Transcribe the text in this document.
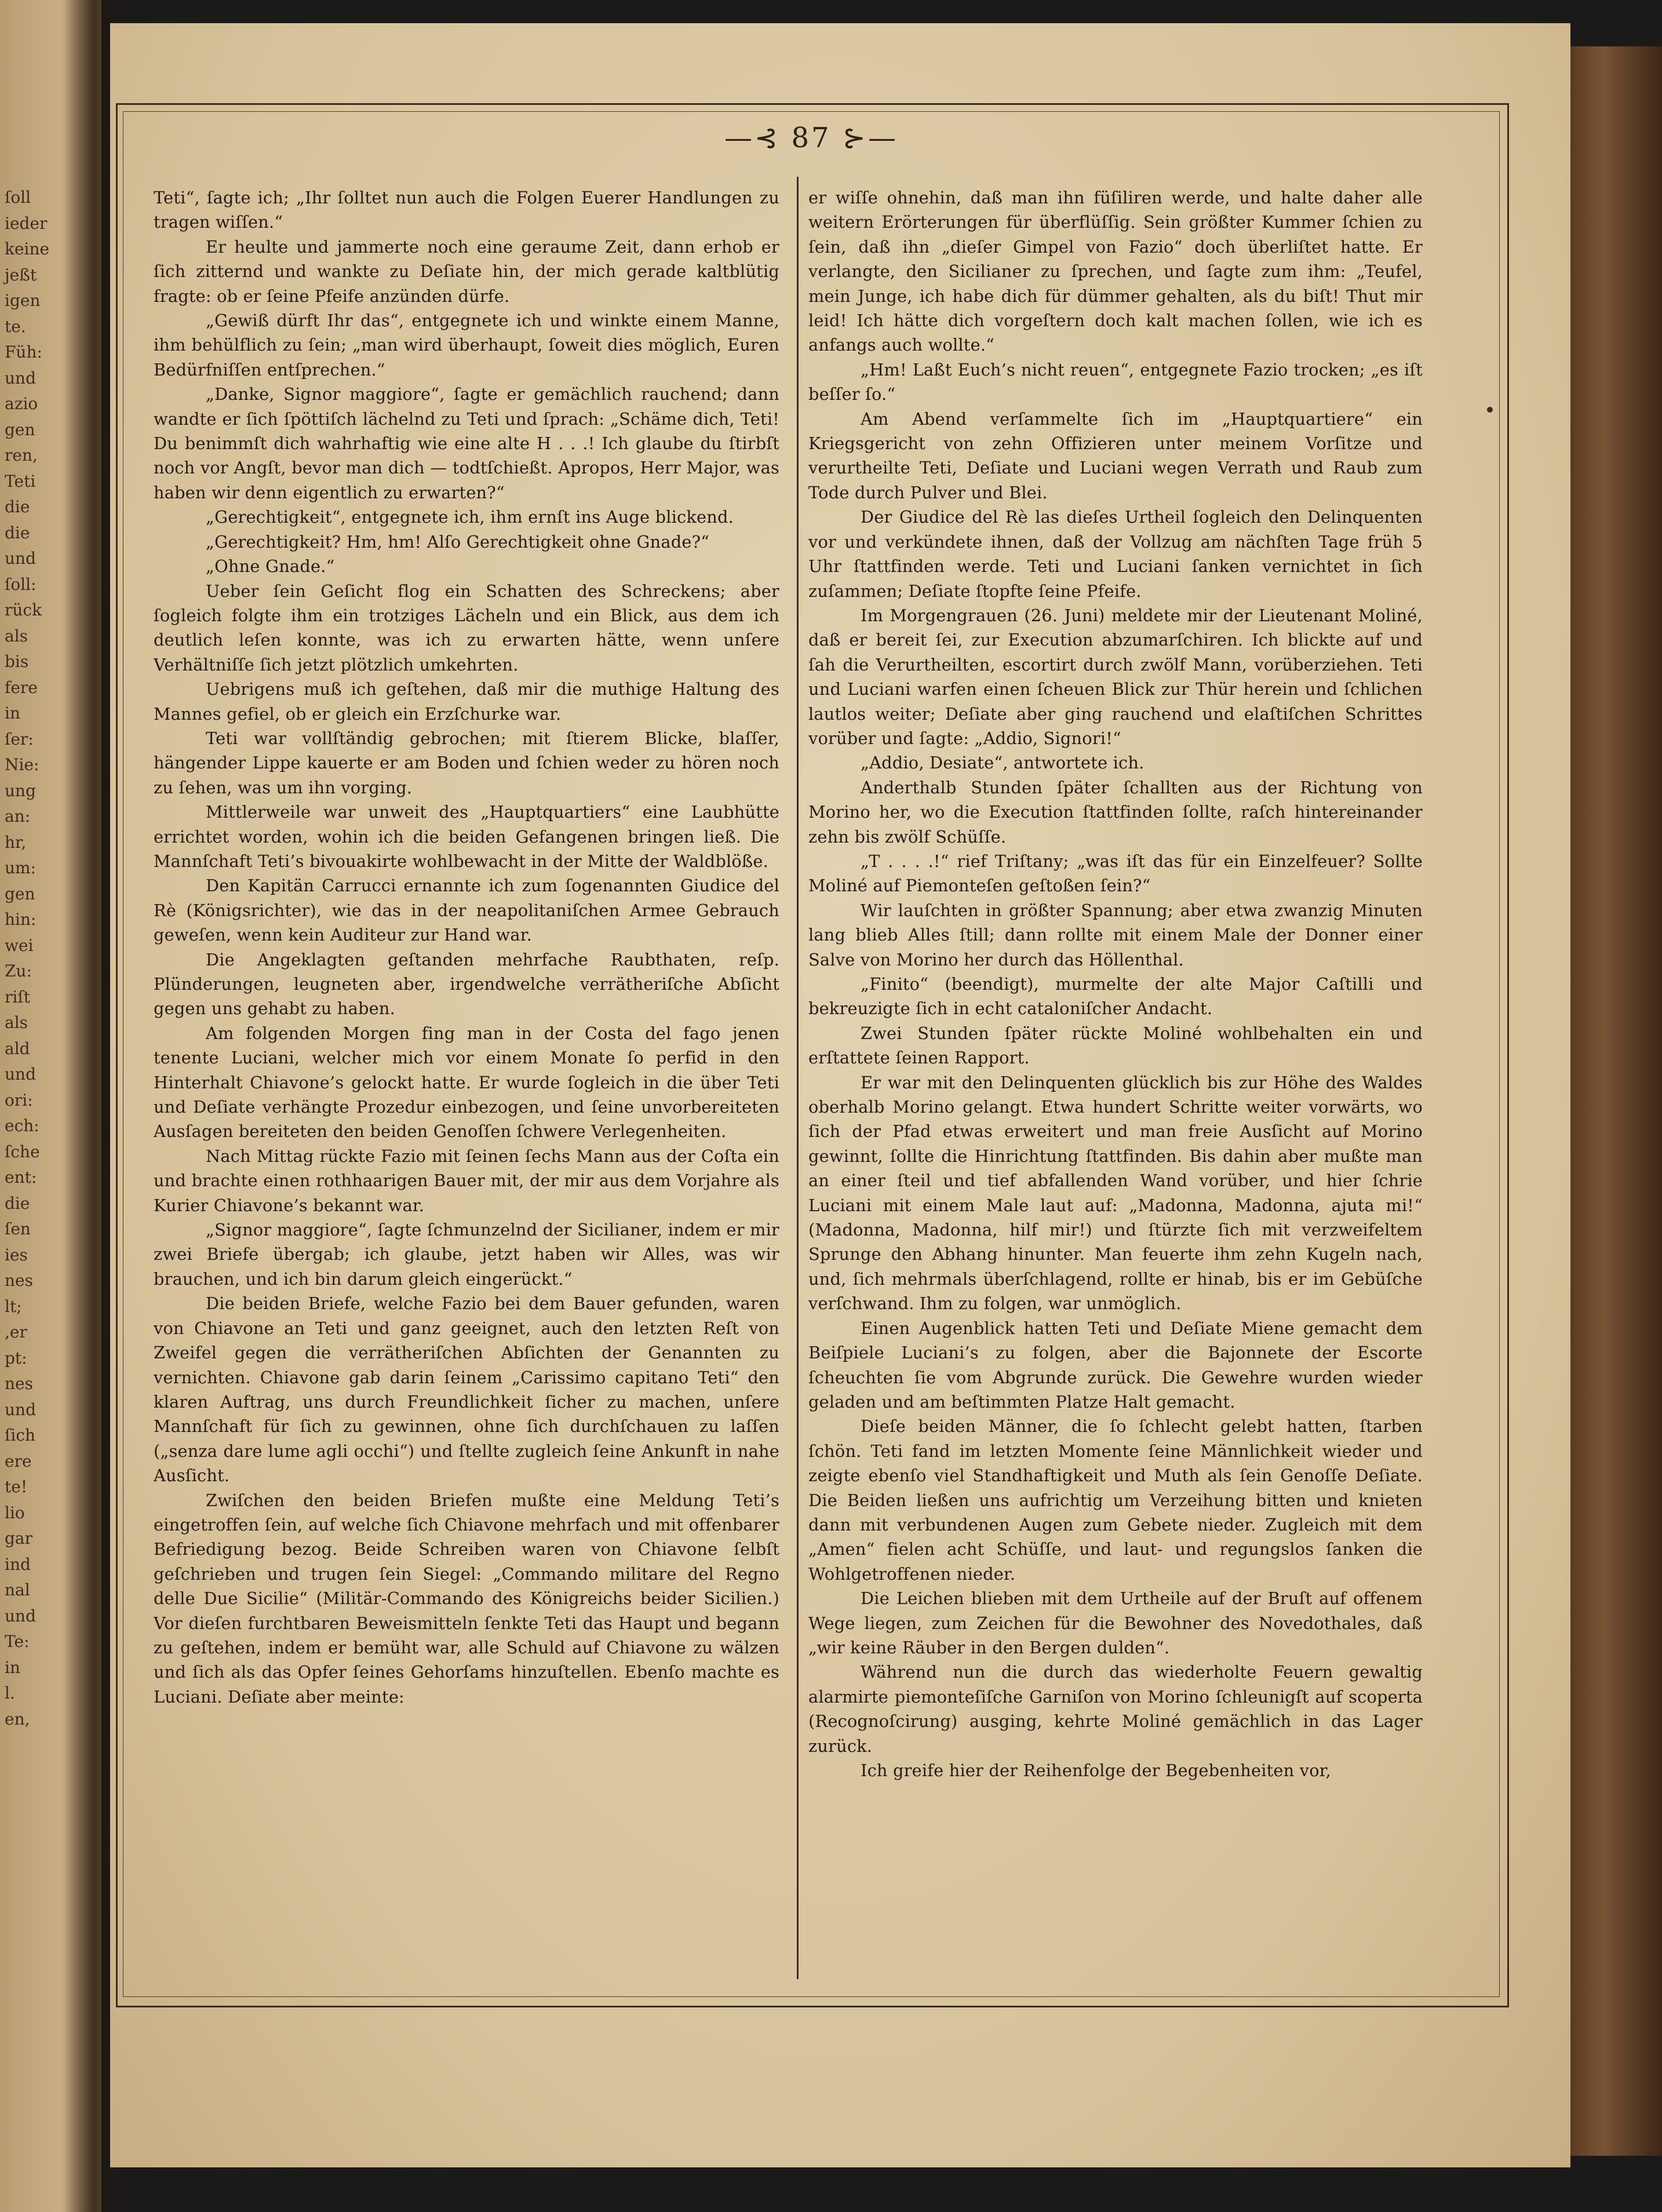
ſoll
ieder
keine
jeßt
igen
te.
Füh:
und
azio
gen
ren,
Teti
die
die
und
ſoll:
rück
als
bis
fere
in
ſer:
Nie:
ung
an:
hr,
um:
gen
hin:
wei
Zu:
riſt
als
ald
und
ori:
ech:
ſche
ent:
die
ſen
ies
nes
lt;
,er
pt:
nes
und
ſich
ere
te!
lio
gar
ind
nal
und
Te:
in
l.
en,
—⊰ 87 ⊱—

Teti“, ſagte ich; „Ihr ſolltet nun auch die Folgen Euerer Handlungen zu tragen wiſſen.“

Er heulte und jammerte noch eine geraume Zeit, dann erhob er ſich zitternd und wankte zu Deſiate hin, der mich gerade kaltblütig fragte: ob er ſeine Pfeife anzünden dürfe.

„Gewiß dürft Ihr das“, entgegnete ich und winkte einem Manne, ihm behülflich zu ſein; „man wird überhaupt, ſoweit dies möglich, Euren Bedürfniſſen entſprechen.“

„Danke, Signor maggiore“, ſagte er gemächlich rauchend; dann wandte er ſich ſpöttiſch lächelnd zu Teti und ſprach: „Schäme dich, Teti! Du benimmſt dich wahrhaftig wie eine alte H . . .! Ich glaube du ſtirbſt noch vor Angſt, bevor man dich — todtſchießt. Apropos, Herr Major, was haben wir denn eigentlich zu erwarten?“

„Gerechtigkeit“, entgegnete ich, ihm ernſt ins Auge blickend.

„Gerechtigkeit? Hm, hm! Alſo Gerechtigkeit ohne Gnade?“

„Ohne Gnade.“

Ueber ſein Geſicht flog ein Schatten des Schreckens; aber ſogleich folgte ihm ein trotziges Lächeln und ein Blick, aus dem ich deutlich leſen konnte, was ich zu erwarten hätte, wenn unſere Verhältniſſe ſich jetzt plötzlich umkehrten.

Uebrigens muß ich geſtehen, daß mir die muthige Haltung des Mannes gefiel, ob er gleich ein Erzſchurke war.

Teti war vollſtändig gebrochen; mit ſtierem Blicke, blaſſer, hängender Lippe kauerte er am Boden und ſchien weder zu hören noch zu ſehen, was um ihn vorging.

Mittlerweile war unweit des „Hauptquartiers“ eine Laubhütte errichtet worden, wohin ich die beiden Gefangenen bringen ließ. Die Mannſchaft Teti’s bivouakirte wohlbewacht in der Mitte der Waldblöße.

Den Kapitän Carrucci ernannte ich zum ſogenannten Giudice del Rè (Königsrichter), wie das in der neapolitaniſchen Armee Gebrauch geweſen, wenn kein Auditeur zur Hand war.

Die Angeklagten geſtanden mehrfache Raubthaten, reſp. Plünderungen, leugneten aber, irgendwelche verrätheriſche Abſicht gegen uns gehabt zu haben.

Am folgenden Morgen fing man in der Costa del fago jenen tenente Luciani, welcher mich vor einem Monate ſo perfid in den Hinterhalt Chiavone’s gelockt hatte. Er wurde ſogleich in die über Teti und Deſiate verhängte Prozedur einbezogen, und ſeine unvorbereiteten Ausſagen bereiteten den beiden Genoſſen ſchwere Verlegenheiten.

Nach Mittag rückte Fazio mit ſeinen ſechs Mann aus der Coſta ein und brachte einen rothhaarigen Bauer mit, der mir aus dem Vorjahre als Kurier Chiavone’s bekannt war.

„Signor maggiore“, ſagte ſchmunzelnd der Sicilianer, indem er mir zwei Briefe übergab; ich glaube, jetzt haben wir Alles, was wir brauchen, und ich bin darum gleich eingerückt.“

Die beiden Briefe, welche Fazio bei dem Bauer gefunden, waren von Chiavone an Teti und ganz geeignet, auch den letzten Reſt von Zweifel gegen die verrätheriſchen Abſichten der Genannten zu vernichten. Chiavone gab darin ſeinem „Carissimo capitano Teti“ den klaren Auftrag, uns durch Freundlichkeit ſicher zu machen, unſere Mannſchaft für ſich zu gewinnen, ohne ſich durchſchauen zu laſſen („senza dare lume agli occhi“) und ſtellte zugleich ſeine Ankunft in nahe Ausſicht.

Zwiſchen den beiden Briefen mußte eine Meldung Teti’s eingetroffen ſein, auf welche ſich Chiavone mehrfach und mit offenbarer Befriedigung bezog. Beide Schreiben waren von Chiavone ſelbſt geſchrieben und trugen ſein Siegel: „Commando militare del Regno delle Due Sicilie“ (Militär-Commando des Königreichs beider Sicilien.) Vor dieſen furchtbaren Beweismitteln ſenkte Teti das Haupt und begann zu geſtehen, indem er bemüht war, alle Schuld auf Chiavone zu wälzen und ſich als das Opfer ſeines Gehorſams hinzuſtellen. Ebenſo machte es Luciani. Deſiate aber meinte:

er wiſſe ohnehin, daß man ihn füſiliren werde, und halte daher alle weitern Erörterungen für überflüſſig. Sein größter Kummer ſchien zu ſein, daß ihn „dieſer Gimpel von Fazio“ doch überliſtet hatte. Er verlangte, den Sicilianer zu ſprechen, und ſagte zum ihm: „Teufel, mein Junge, ich habe dich für dümmer gehalten, als du biſt! Thut mir leid! Ich hätte dich vorgeſtern doch kalt machen ſollen, wie ich es anfangs auch wollte.“

„Hm! Laßt Euch’s nicht reuen“, entgegnete Fazio trocken; „es iſt beſſer ſo.“

Am Abend verſammelte ſich im „Hauptquartiere“ ein Kriegsgericht von zehn Offizieren unter meinem Vorſitze und verurtheilte Teti, Deſiate und Luciani wegen Verrath und Raub zum Tode durch Pulver und Blei.

Der Giudice del Rè las dieſes Urtheil ſogleich den Delinquenten vor und verkündete ihnen, daß der Vollzug am nächſten Tage früh 5 Uhr ſtattfinden werde. Teti und Luciani ſanken vernichtet in ſich zuſammen; Deſiate ſtopfte ſeine Pfeife.

Im Morgengrauen (26. Juni) meldete mir der Lieutenant Moliné, daß er bereit ſei, zur Execution abzumarſchiren. Ich blickte auf und ſah die Verurtheilten, escortirt durch zwölf Mann, vorüberziehen. Teti und Luciani warfen einen ſcheuen Blick zur Thür herein und ſchlichen lautlos weiter; Deſiate aber ging rauchend und elaſtiſchen Schrittes vorüber und ſagte: „Addio, Signori!“

„Addio, Desiate“, antwortete ich.

Anderthalb Stunden ſpäter ſchallten aus der Richtung von Morino her, wo die Execution ſtattfinden ſollte, raſch hintereinander zehn bis zwölf Schüſſe.

„T . . . .!“ rief Triſtany; „was iſt das für ein Einzelfeuer? Sollte Moliné auf Piemonteſen geſtoßen ſein?“

Wir lauſchten in größter Spannung; aber etwa zwanzig Minuten lang blieb Alles ſtill; dann rollte mit einem Male der Donner einer Salve von Morino her durch das Höllenthal.

„Finito“ (beendigt), murmelte der alte Major Caſtilli und bekreuzigte ſich in echt cataloniſcher Andacht.

Zwei Stunden ſpäter rückte Moliné wohlbehalten ein und erſtattete ſeinen Rapport.

Er war mit den Delinquenten glücklich bis zur Höhe des Waldes oberhalb Morino gelangt. Etwa hundert Schritte weiter vorwärts, wo ſich der Pfad etwas erweitert und man freie Ausſicht auf Morino gewinnt, ſollte die Hinrichtung ſtattfinden. Bis dahin aber mußte man an einer ſteil und tief abfallenden Wand vorüber, und hier ſchrie Luciani mit einem Male laut auf: „Madonna, Madonna, ajuta mi!“ (Madonna, Madonna, hilf mir!) und ſtürzte ſich mit verzweifeltem Sprunge den Abhang hinunter. Man feuerte ihm zehn Kugeln nach, und, ſich mehrmals überſchlagend, rollte er hinab, bis er im Gebüſche verſchwand. Ihm zu folgen, war unmöglich.

Einen Augenblick hatten Teti und Deſiate Miene gemacht dem Beiſpiele Luciani’s zu folgen, aber die Bajonnete der Escorte ſcheuchten ſie vom Abgrunde zurück. Die Gewehre wurden wieder geladen und am beſtimmten Platze Halt gemacht.

Dieſe beiden Männer, die ſo ſchlecht gelebt hatten, ſtarben ſchön. Teti fand im letzten Momente ſeine Männlichkeit wieder und zeigte ebenſo viel Standhaftigkeit und Muth als ſein Genoſſe Deſiate. Die Beiden ließen uns aufrichtig um Verzeihung bitten und knieten dann mit verbundenen Augen zum Gebete nieder. Zugleich mit dem „Amen“ fielen acht Schüſſe, und laut- und regungslos ſanken die Wohlgetroffenen nieder.

Die Leichen blieben mit dem Urtheile auf der Bruſt auf offenem Wege liegen, zum Zeichen für die Bewohner des Novedothales, daß „wir keine Räuber in den Bergen dulden“.

Während nun die durch das wiederholte Feuern gewaltig alarmirte piemonteſiſche Garniſon von Morino ſchleunigſt auf scoperta (Recognoſcirung) ausging, kehrte Moliné gemächlich in das Lager zurück.

Ich greife hier der Reihenfolge der Begebenheiten vor,
